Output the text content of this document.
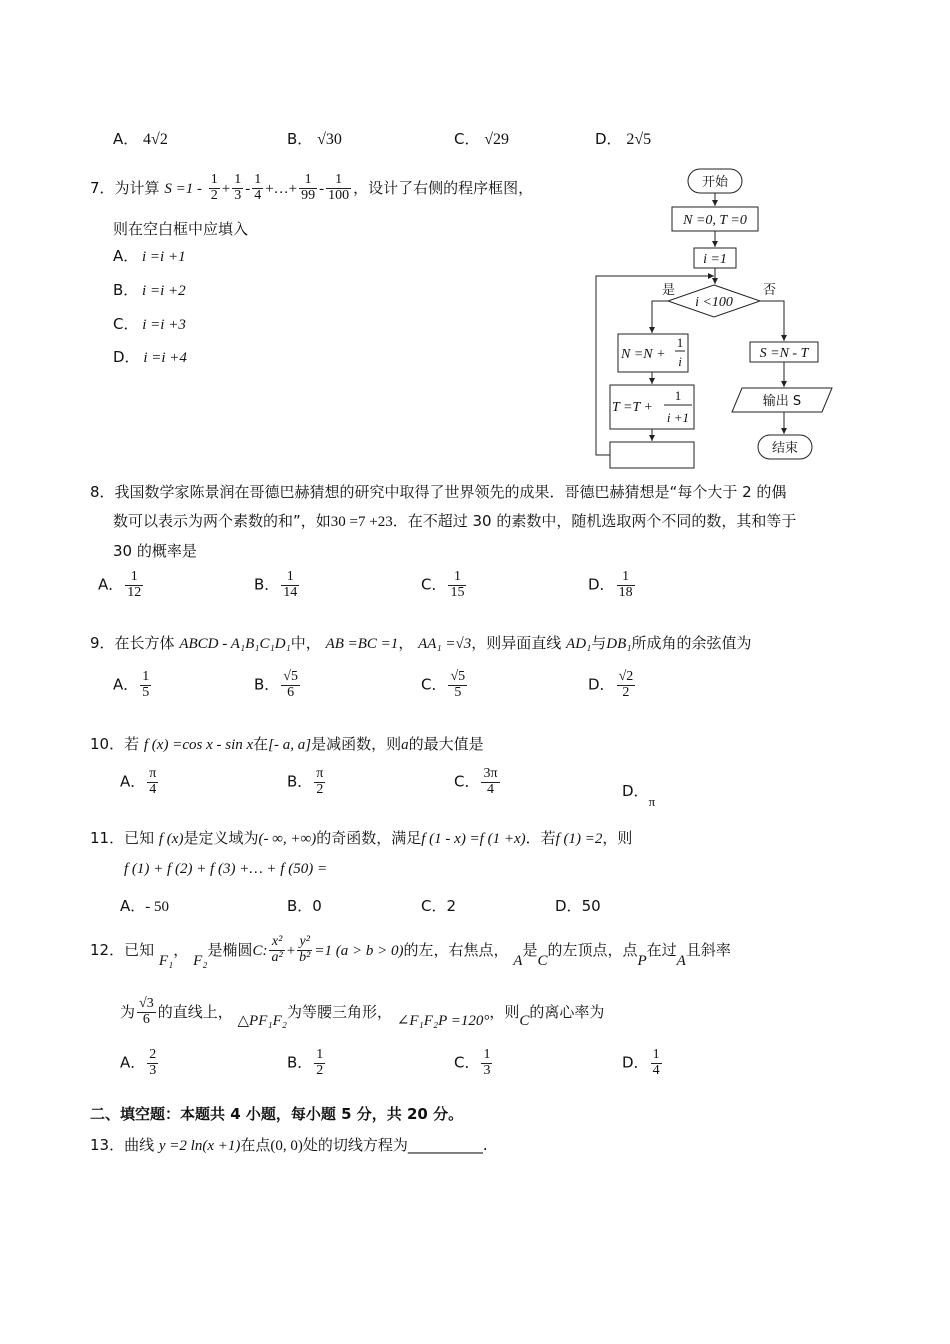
A． 4√2	B． √30	C． √29	D． 2√5
7．为计算 $S =1 - \frac{1}{2} + \frac{1}{3} - \frac{1}{4}$ +…+ $\frac{1}{99} - \frac{1}{100}$ ，设计了右侧的程序框图，
则在空白框中应填入
A． i =i +1
B． i =i +2
C． i =i +3
D． i =i +4
开始
N =0, T =0
i =1
是	否
i <100
N =N +
1
i
T =T +
1
i +1
S =N - T
输出 S
结束
8．我国数学家陈景润在哥德巴赫猜想的研究中取得了世界领先的成果．哥德巴赫猜想是“每个大于 2 的偶
数可以表示为两个素数的和”，如30 =7 +23．在不超过 30 的素数中，随机选取两个不同的数，其和等于
30 的概率是
A． $\frac{1}{12}$	B． $\frac{1}{14}$	C． $\frac{1}{15}$	D． $\frac{1}{18}$
9．在长方体 ABCD - A₁B₁C₁D₁中， AB =BC =1， AA₁ =√3，则异面直线 AD₁与DB₁所成角的余弦值为
A． $\frac{1}{5}$	B． $\frac{√5}{6}$	C． $\frac{√5}{5}$	D． $\frac{√2}{2}$
10．若 f (x) =cos x - sin x在[- a, a]是减函数，则a的最大值是
A． $\frac{\pi}{4}$	B． $\frac{\pi}{2}$	C． $\frac{3\pi}{4}$	D．π
11．已知 f (x)是定义域为(- ∞, +∞)的奇函数，满足f (1 - x) =f (1 +x)．若f (1) =2，则
f (1) + f (2) + f (3) +… + f (50) =
A．- 50	B．0	C．2	D．50
12．已知 F₁， F₂是椭圆C: $\frac{\text{x²}}{\text{a²}} + \frac{\text{y²}}{\text{b²}} =1$ (a > b > 0)的左，右焦点， A是C的左顶点，点P在过A且斜率
为 $\frac{√3}{6}$ 的直线上， △PF₁F₂为等腰三角形， ∠F₁F₂P =120°，则C的离心率为
A． $\frac{2}{3}$	B． $\frac{1}{2}$	C． $\frac{1}{3}$	D． $\frac{1}{4}$
二、填空题：本题共 4 小题，每小题 5 分，共 20 分。
13．曲线 y =2 ln(x +1)在点(0, 0)处的切线方程为__________.
